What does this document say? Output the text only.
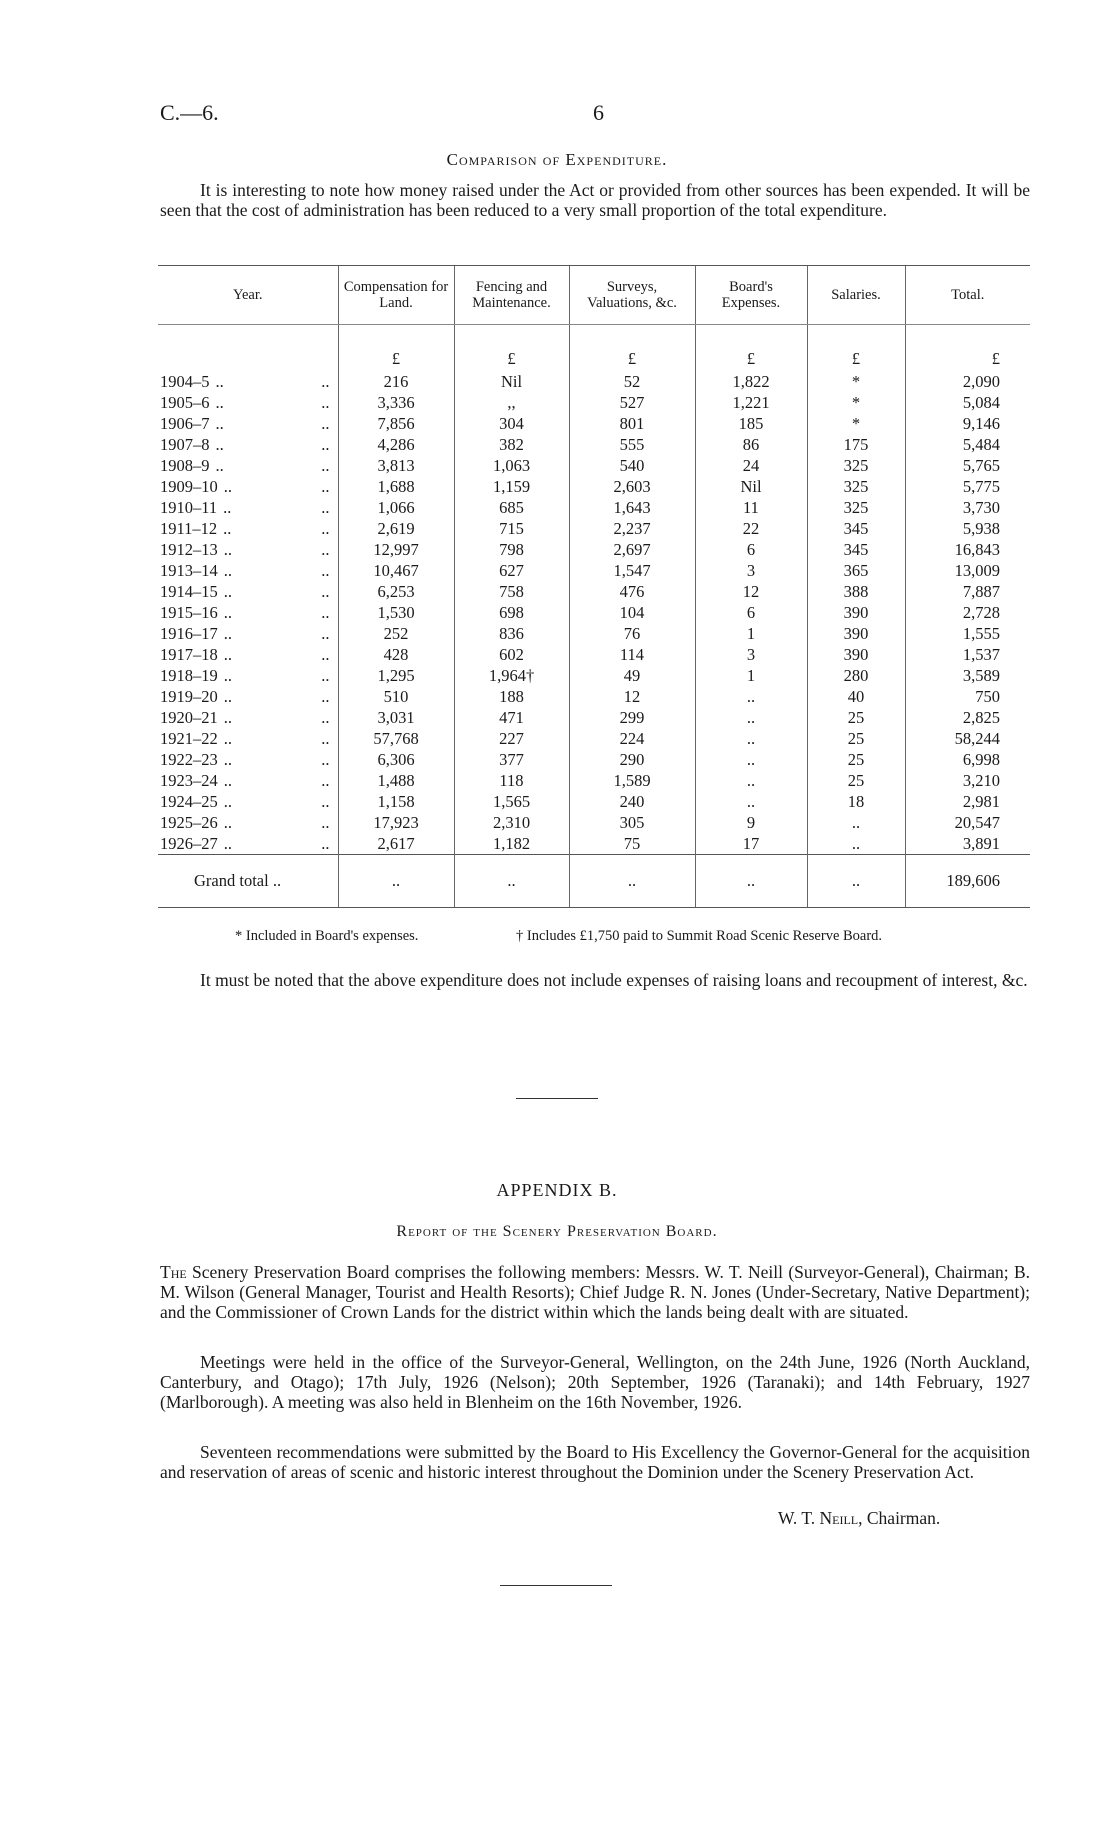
C.—6.	6
Comparison of Expenditure.
It is interesting to note how money raised under the Act or provided from other sources has been expended. It will be seen that the cost of administration has been reduced to a very small proportion of the total expenditure.
Year.	Compensation for Land.	Fencing and Maintenance.	Surveys, Valuations, &c.	Board's Expenses.	Salaries.	Total.
	£	£	£	£	£	£
1904–5 .. ..	216	Nil	52	1,822	*	2,090
1905–6 .. ..	3,336	,,	527	1,221	*	5,084
1906–7 .. ..	7,856	304	801	185	*	9,146
1907–8 .. ..	4,286	382	555	86	175	5,484
1908–9 .. ..	3,813	1,063	540	24	325	5,765
1909–10 .. ..	1,688	1,159	2,603	Nil	325	5,775
1910–11 .. ..	1,066	685	1,643	11	325	3,730
1911–12 .. ..	2,619	715	2,237	22	345	5,938
1912–13 .. ..	12,997	798	2,697	6	345	16,843
1913–14 .. ..	10,467	627	1,547	3	365	13,009
1914–15 .. ..	6,253	758	476	12	388	7,887
1915–16 .. ..	1,530	698	104	6	390	2,728
1916–17 .. ..	252	836	76	1	390	1,555
1917–18 .. ..	428	602	114	3	390	1,537
1918–19 .. ..	1,295	1,964†	49	1	280	3,589
1919–20 .. ..	510	188	12	..	40	750
1920–21 .. ..	3,031	471	299	..	25	2,825
1921–22 .. ..	57,768	227	224	..	25	58,244
1922–23 .. ..	6,306	377	290	..	25	6,998
1923–24 .. ..	1,488	118	1,589	..	25	3,210
1924–25 .. ..	1,158	1,565	240	..	18	2,981
1925–26 .. ..	17,923	2,310	305	9	..	20,547
1926–27 .. ..	2,617	1,182	75	17	..	3,891
Grand total ..	..	..	..	..	..	189,606
* Included in Board's expenses.	† Includes £1,750 paid to Summit Road Scenic Reserve Board.
It must be noted that the above expenditure does not include expenses of raising loans and recoupment of interest, &c.
APPENDIX B.
Report of the Scenery Preservation Board.
The Scenery Preservation Board comprises the following members: Messrs. W. T. Neill (Surveyor-General), Chairman; B. M. Wilson (General Manager, Tourist and Health Resorts); Chief Judge R. N. Jones (Under-Secretary, Native Department); and the Commissioner of Crown Lands for the district within which the lands being dealt with are situated.
Meetings were held in the office of the Surveyor-General, Wellington, on the 24th June, 1926 (North Auckland, Canterbury, and Otago); 17th July, 1926 (Nelson); 20th September, 1926 (Taranaki); and 14th February, 1927 (Marlborough). A meeting was also held in Blenheim on the 16th November, 1926.
Seventeen recommendations were submitted by the Board to His Excellency the Governor-General for the acquisition and reservation of areas of scenic and historic interest throughout the Dominion under the Scenery Preservation Act.
W. T. Neill, Chairman.
